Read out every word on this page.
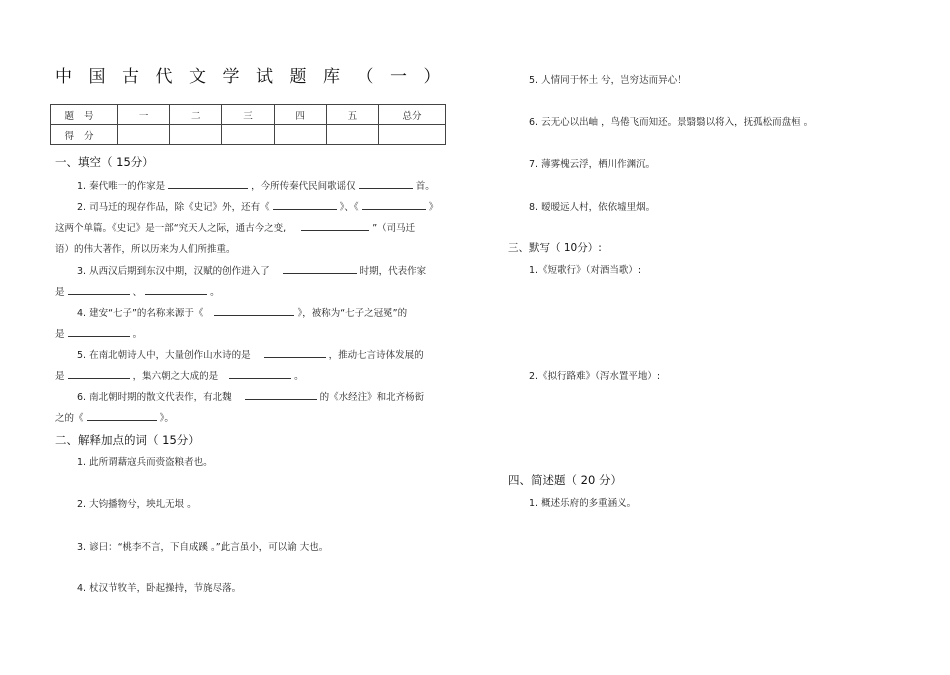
中国古代文学试题库（一）
题号	一	二	三	四	五	总分
得分						
一、填空（ 15分）
1. 秦代唯一的作家是	，今所传秦代民间歌谣仅	首。
2. 司马迁的现存作品，除《史记》外，还有《	》、《	》
这两个单篇。《史记》是一部“究天人之际，通古今之变,	”（司马迁
语）的伟大著作，所以历来为人们所推重。
3. 从西汉后期到东汉中期，汉赋的创作进入了	时期，代表作家
是	、	。
4. 建安“七子”的名称来源于《	》，被称为“七子之冠冕”的
是	。
5. 在南北朝诗人中，大量创作山水诗的是	，推动七言诗体发展的
是	，集六朝之大成的是	。
6. 南北朝时期的散文代表作，有北魏	的《水经注》和北齐杨衒
之的《	》。
二、解释加点的词（ 15分）
1. 此所谓藉寇兵而赍盗粮者也。
2. 大钧播物兮，坱圠无垠 。
3. 谚曰：“桃李不言，下自成蹊 。”此言虽小，可以谕 大也。
4. 杖汉节牧羊，卧起操持，节旄尽落。
5. 人情同于怀土 兮，岂穷达而异心！
6. 云无心以出岫 ，鸟倦飞而知还。景翳翳以将入，抚孤松而盘桓 。
7. 薄雾槐云浮，栖川作渊沉。
8. 暧暧远人村，依依墟里烟。
三、默写（ 10分）:
1.《短歌行》（对酒当歌）:
2.《拟行路难》（泻水置平地）:
四、简述题（ 20 分）
1. 概述乐府的多重涵义。
